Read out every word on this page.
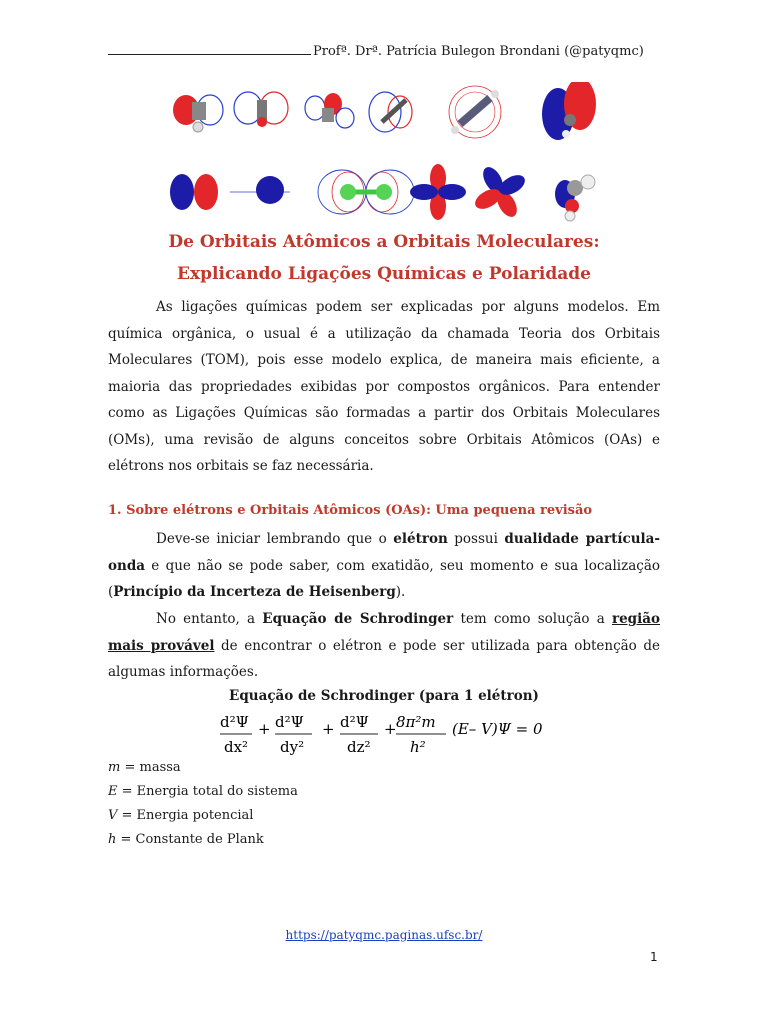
Profª. Drª. Patrícia Bulegon Brondani (@patyqmc)
De Orbitais Atômicos a Orbitais Moleculares:
Explicando Ligações Químicas e Polaridade
As ligações químicas podem ser explicadas por alguns modelos. Em química orgânica, o usual é a utilização da chamada Teoria dos Orbitais Moleculares (TOM), pois esse modelo explica, de maneira mais eficiente, a maioria das propriedades exibidas por compostos orgânicos. Para entender como as Ligações Químicas são formadas a partir dos Orbitais Moleculares (OMs), uma revisão de alguns conceitos sobre Orbitais Atômicos (OAs) e elétrons nos orbitais se faz necessária.
1. Sobre elétrons e Orbitais Atômicos (OAs): Uma pequena revisão
Deve-se iniciar lembrando que o elétron possui dualidade partícula-onda e que não se pode saber, com exatidão, seu momento e sua localização (Princípio da Incerteza de Heisenberg).
No entanto, a Equação de Schrodinger tem como solução a região mais provável de encontrar o elétron e pode ser utilizada para obtenção de algumas informações.
Equação de Schrodinger (para 1 elétron)
d²Ψ
dx²
+ d²Ψ
dy²
+ d²Ψ
dz²
+ 8π²m
h²
(E– V)Ψ = 0
m = massa
E = Energia total do sistema
V = Energia potencial
h = Constante de Plank
https://patyqmc.paginas.ufsc.br/
1
